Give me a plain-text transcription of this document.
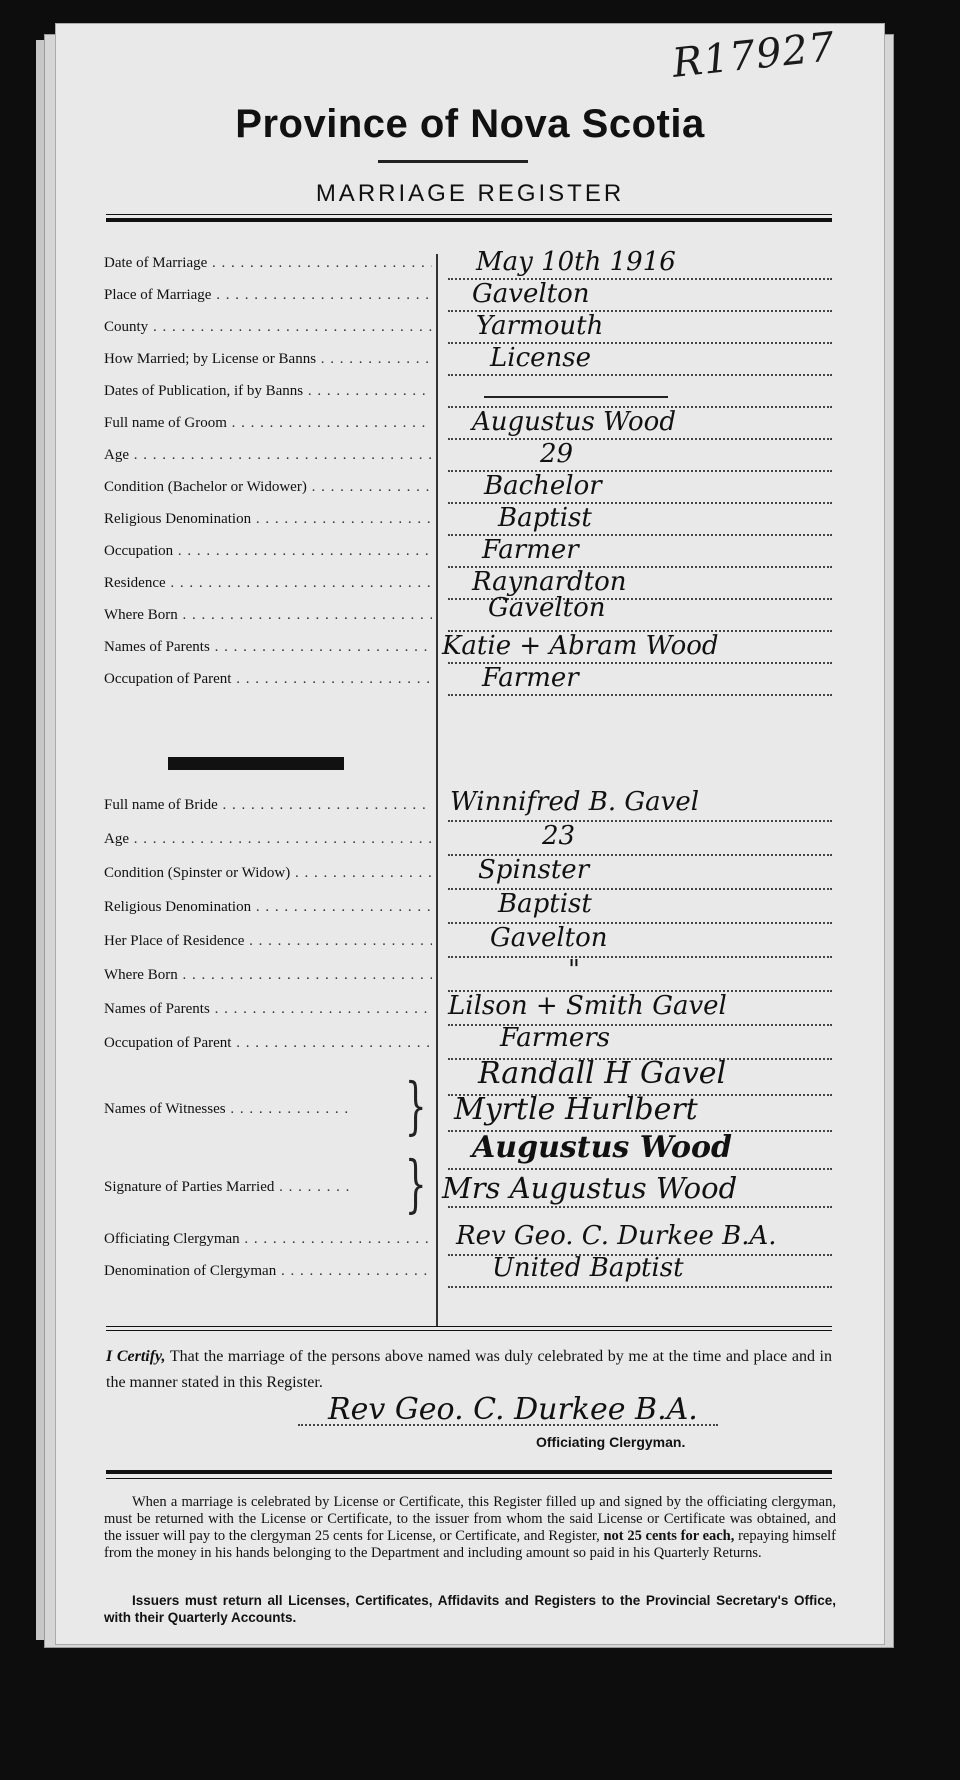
R17927
Province of Nova Scotia
MARRIAGE REGISTER
Date of Marriage . . .	May 10th 1916
Place of Marriage . . .	Gavelton
County . . .	Yarmouth
How Married; by License or Banns . . .	License
Dates of Publication, if by Banns . . .
Full name of Groom . . .	Augustus Wood
Age . . .	29
Condition (Bachelor or Widower) . . .	Bachelor
Religious Denomination . . .	Baptist
Occupation . . .	Farmer
Residence . . .	Raynardton
Where Born . . .	Gavelton
Names of Parents . . .	Katie + Abram Wood
Occupation of Parent . . .	Farmer
Full name of Bride . . .	Winnifred B. Gavel
Age . . .	23
Condition (Spinster or Widow) . . .	Spinster
Religious Denomination . . .	Baptist
Her Place of Residence . . .	Gavelton
Where Born . . .	"
Names of Parents . . .	Lilson + Smith Gavel
Occupation of Parent . . .	Farmers
Names of Witnesses . . .	} Randall H Gavel
Myrtle Hurlbert
Signature of Parties Married . . .	} Augustus Wood
Mrs Augustus Wood
Officiating Clergyman . . .	Rev Geo. C. Durkee B.A.
Denomination of Clergyman . . .	United Baptist
I Certify, That the marriage of the persons above named was duly celebrated by me at the time and place and in the manner stated in this Register.
Rev Geo. C. Durkee B.A.
Officiating Clergyman.
When a marriage is celebrated by License or Certificate, this Register filled up and signed by the officiating clergyman, must be returned with the License or Certificate, to the issuer from whom the said License or Certificate was obtained, and the issuer will pay to the clergyman 25 cents for License, or Certificate, and Register, not 25 cents for each, repaying himself from the money in his hands belonging to the Department and including amount so paid in his Quarterly Returns.
Issuers must return all Licenses, Certificates, Affidavits and Registers to the Provincial Secretary's Office, with their Quarterly Accounts.
